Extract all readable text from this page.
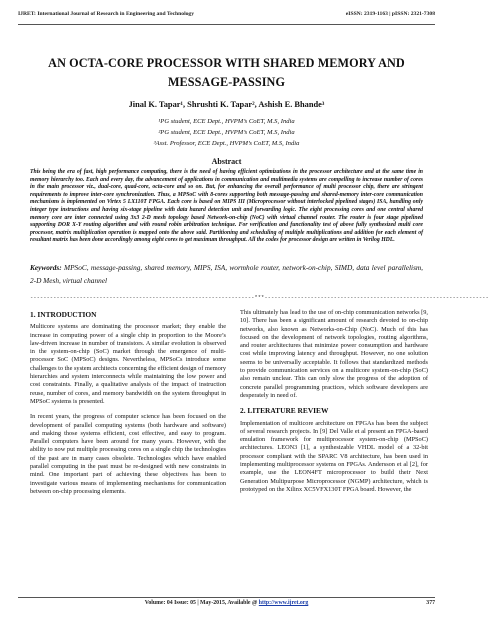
IJRET: International Journal of Research in Engineering and Technology	eISSN: 2319-1163 | pISSN: 2321-7308
AN OCTA-CORE PROCESSOR WITH SHARED MEMORY AND
MESSAGE-PASSING
Jinal K. Tapar¹, Shrushti K. Tapar², Ashish E. Bhande³
¹PG student, ECE Dept., HVPM’s CoET, M.S, India
²PG student, ECE Dept., HVPM’s CoET, M.S, India
³Asst. Professor, ECE Dept., HVPM’s CoET, M.S, India
Abstract
This being the era of fast, high performance computing, there is the need of having efficient optimizations in the processor architecture and at the same time in memory hierarchy too. Each and every day, the advancement of applications in communication and multimedia systems are compelling to increase number of cores in the main processor viz., dual-core, quad-core, octa-core and so on. But, for enhancing the overall performance of multi processor chip, there are stringent requirements to improve inter-core synchronization. Thus, a MPSoC with 8-cores supporting both message-passing and shared-memory inter-core communication mechanisms is implemented on Virtex 5 LX110T FPGA. Each core is based on MIPS III (Microprocessor without interlocked pipelined stages) ISA, handling only integer type instructions and having six-stage pipeline with data hazard detection unit and forwarding logic. The eight processing cores and one central shared memory core are inter connected using 3x3 2-D mesh topology based Network-on-chip (NoC) with virtual channel router. The router is four stage pipelined supporting DOR X-Y routing algorithm and with round robin arbitration technique. For verification and functionality test of above fully synthesized multi core processor, matrix multiplication operation is mapped onto the above said. Partitioning and scheduling of multiple multiplications and addition for each element of resultant matrix has been done accordingly among eight cores to get maximum throughput. All the codes for processor design are written in Verilog HDL.
Keywords: MPSoC, message-passing, shared memory, MIPS, ISA, wormhole router, network-on-chip, SIMD, data level parallelism, 2-D Mesh, virtual channel
--------------------------------------------------------------------***--------------------------------------------------------------------
1. INTRODUCTION

Multicore systems are dominating the processor market; they enable the increase in computing power of a single chip in proportion to the Moore’s law-driven increase in number of transistors. A similar evolution is observed in the system-on-chip (SoC) market through the emergence of multi-processor SoC (MPSoC) designs. Nevertheless, MPSoCs introduce some challenges to the system architects concerning the efficient design of memory hierarchies and system interconnects while maintaining the low power and cost constraints. Finally, a qualitative analysis of the impact of instruction reuse, number of cores, and memory bandwidth on the system throughput in MPSoC systems is presented.

In recent years, the progress of computer science has been focused on the development of parallel computing systems (both hardware and software) and making those systems efficient, cost effective, and easy to program. Parallel computers have been around for many years. However, with the ability to now put multiple processing cores on a single chip the technologies of the past are in many cases obsolete. Technologies which have enabled parallel computing in the past must be re-designed with new constraints in mind. One important part of achieving these objectives has been to investigate various means of implementing mechanisms for communication between on-chip processing elements.

This ultimately has lead to the use of on-chip communication networks [9, 10]. There has been a significant amount of research devoted to on-chip networks, also known as Networks-on-Chip (NoC). Much of this has focused on the development of network topologies, routing algorithms, and router architectures that minimize power consumption and hardware cost while improving latency and throughput. However, no one solution seems to be universally acceptable. It follows that standardized methods to provide communication services on a multicore system-on-chip (SoC) also remain unclear. This can only slow the progress of the adoption of concrete parallel programming practices, which software developers are desperately in need of.

2. LITERATURE REVIEW

Implementation of multicore architecture on FPGAs has been the subject of several research projects. In [9] Del Valle et al present an FPGA-based emulation framework for multiprocessor system-on-chip (MPSoC) architectures. LEON3 [1], a synthesizable VHDL model of a 32-bit processor compliant with the SPARC V8 architecture, has been used in implementing multiprocessor systems on FPGAs. Andersson et al [2], for example, use the LEON4FT microprocessor to build their Next Generation Multipurpose Microprocessor (NGMP) architecture, which is prototyped on the Xilinx XC5VFX130T FPGA board. However, the

Volume: 04 Issue: 05 | May-2015, Available @ http://www.ijret.org	377
